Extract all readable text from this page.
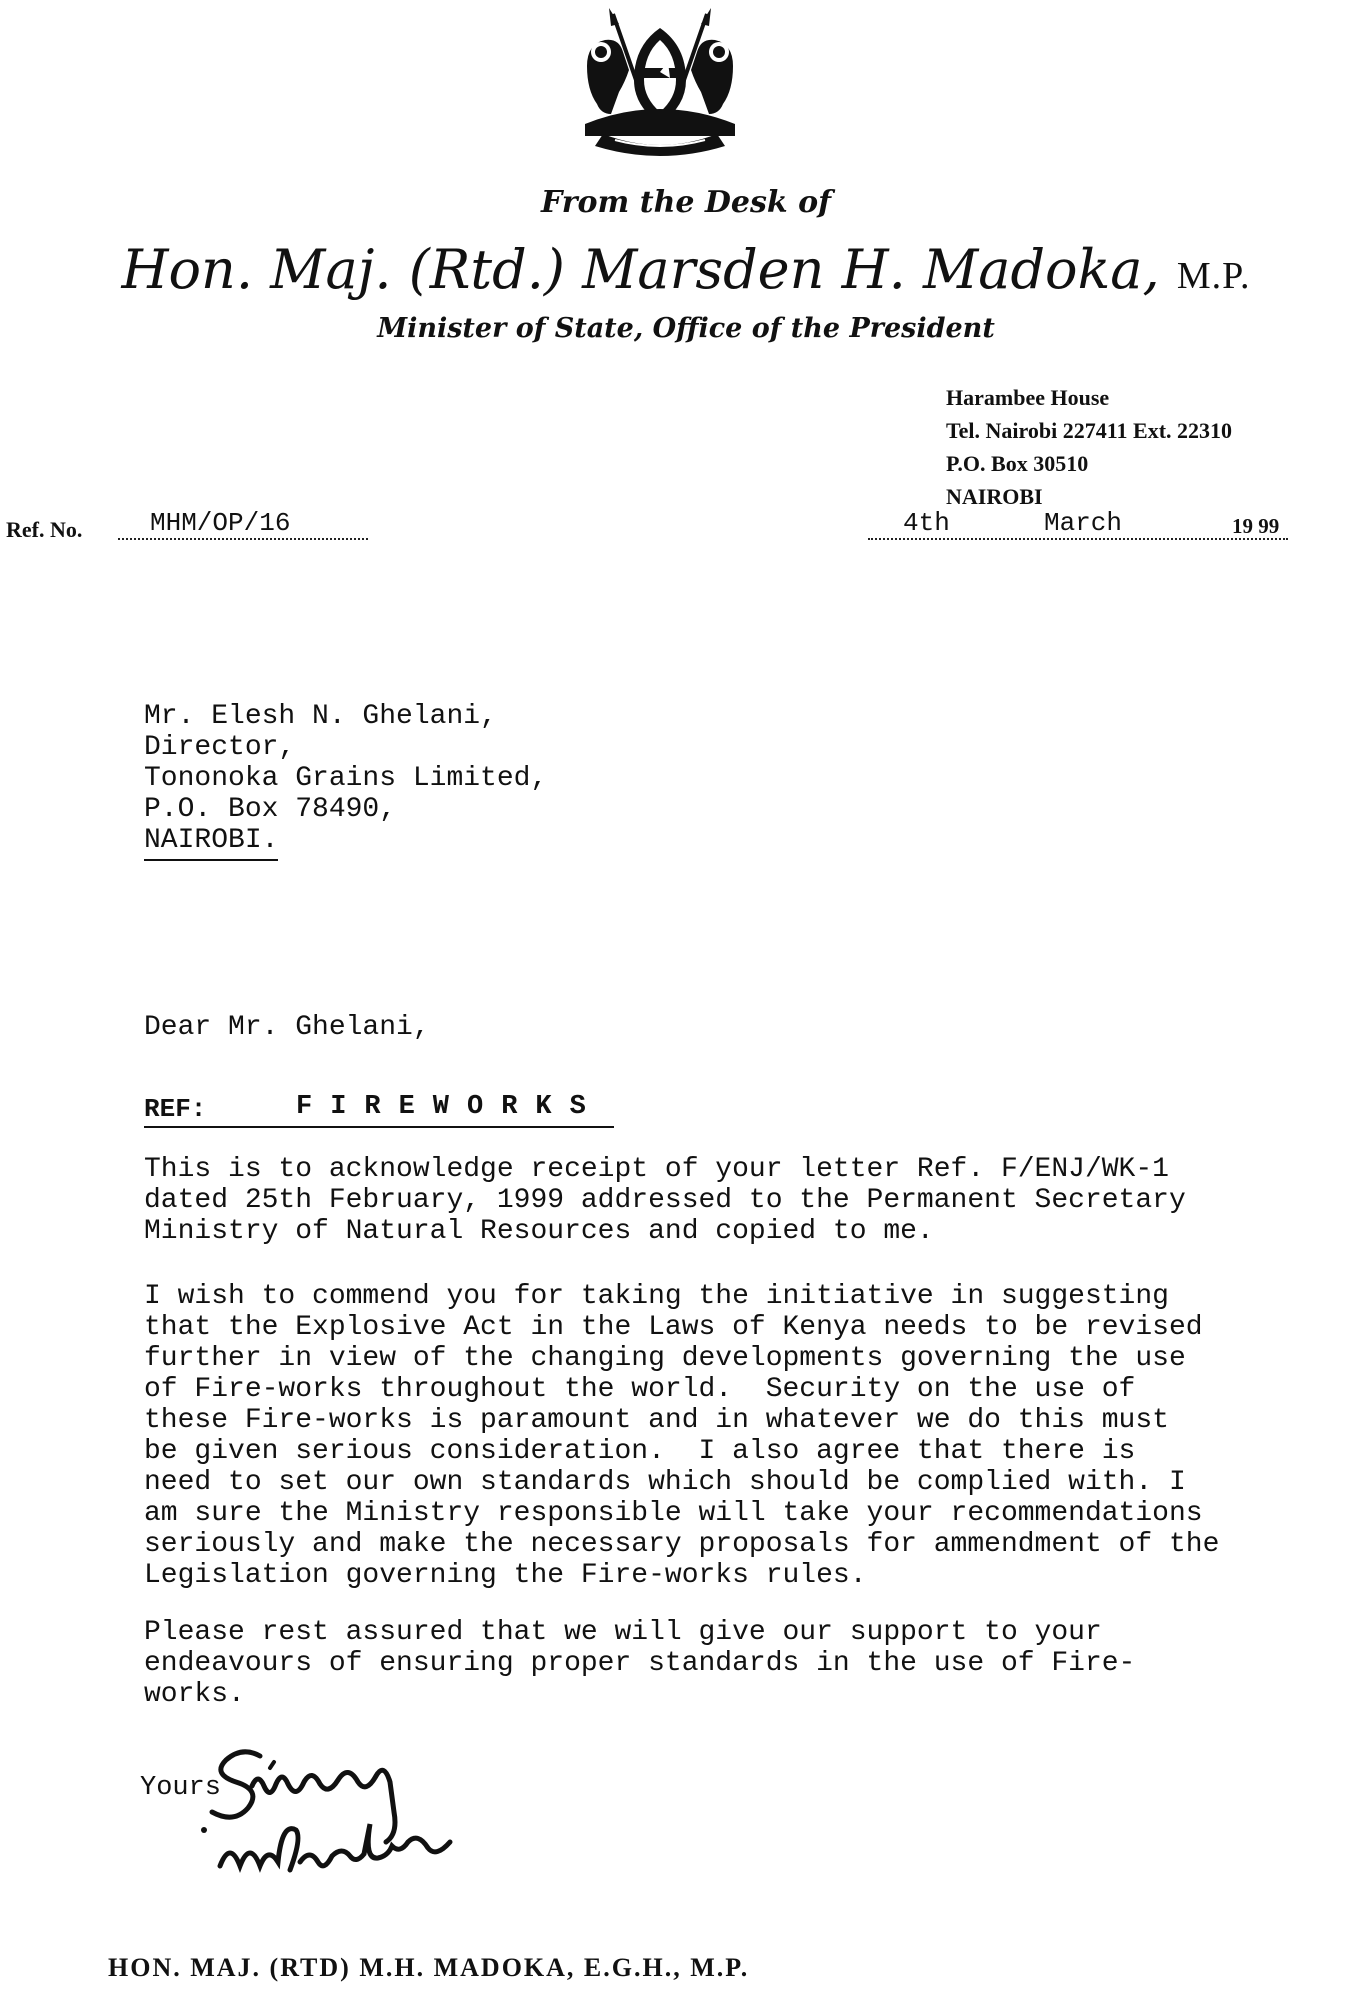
From the Desk of
Hon. Maj. (Rtd.) Marsden H. Madoka, M.P.
Minister of State, Office of the President
Harambee House
Tel. Nairobi 227411 Ext. 22310
P.O. Box 30510
NAIROBI
Ref. No.	MHM/OP/16	4th	March	19 99
Mr. Elesh N. Ghelani,
Director,
Tononoka Grains Limited,
P.O. Box 78490,
NAIROBI.
Dear Mr. Ghelani,
REF:	FIREWORKS
This is to acknowledge receipt of your letter Ref. F/ENJ/WK-1
dated 25th February, 1999 addressed to the Permanent Secretary
Ministry of Natural Resources and copied to me.
I wish to commend you for taking the initiative in suggesting
that the Explosive Act in the Laws of Kenya needs to be revised
further in view of the changing developments governing the use
of Fire-works throughout the world.  Security on the use of
these Fire-works is paramount and in whatever we do this must
be given serious consideration.  I also agree that there is
need to set our own standards which should be complied with. I
am sure the Ministry responsible will take your recommendations
seriously and make the necessary proposals for ammendment of the
Legislation governing the Fire-works rules.
Please rest assured that we will give our support to your
endeavours of ensuring proper standards in the use of Fire-
works.
Yours
HON. MAJ. (RTD) M.H. MADOKA, E.G.H., M.P.
